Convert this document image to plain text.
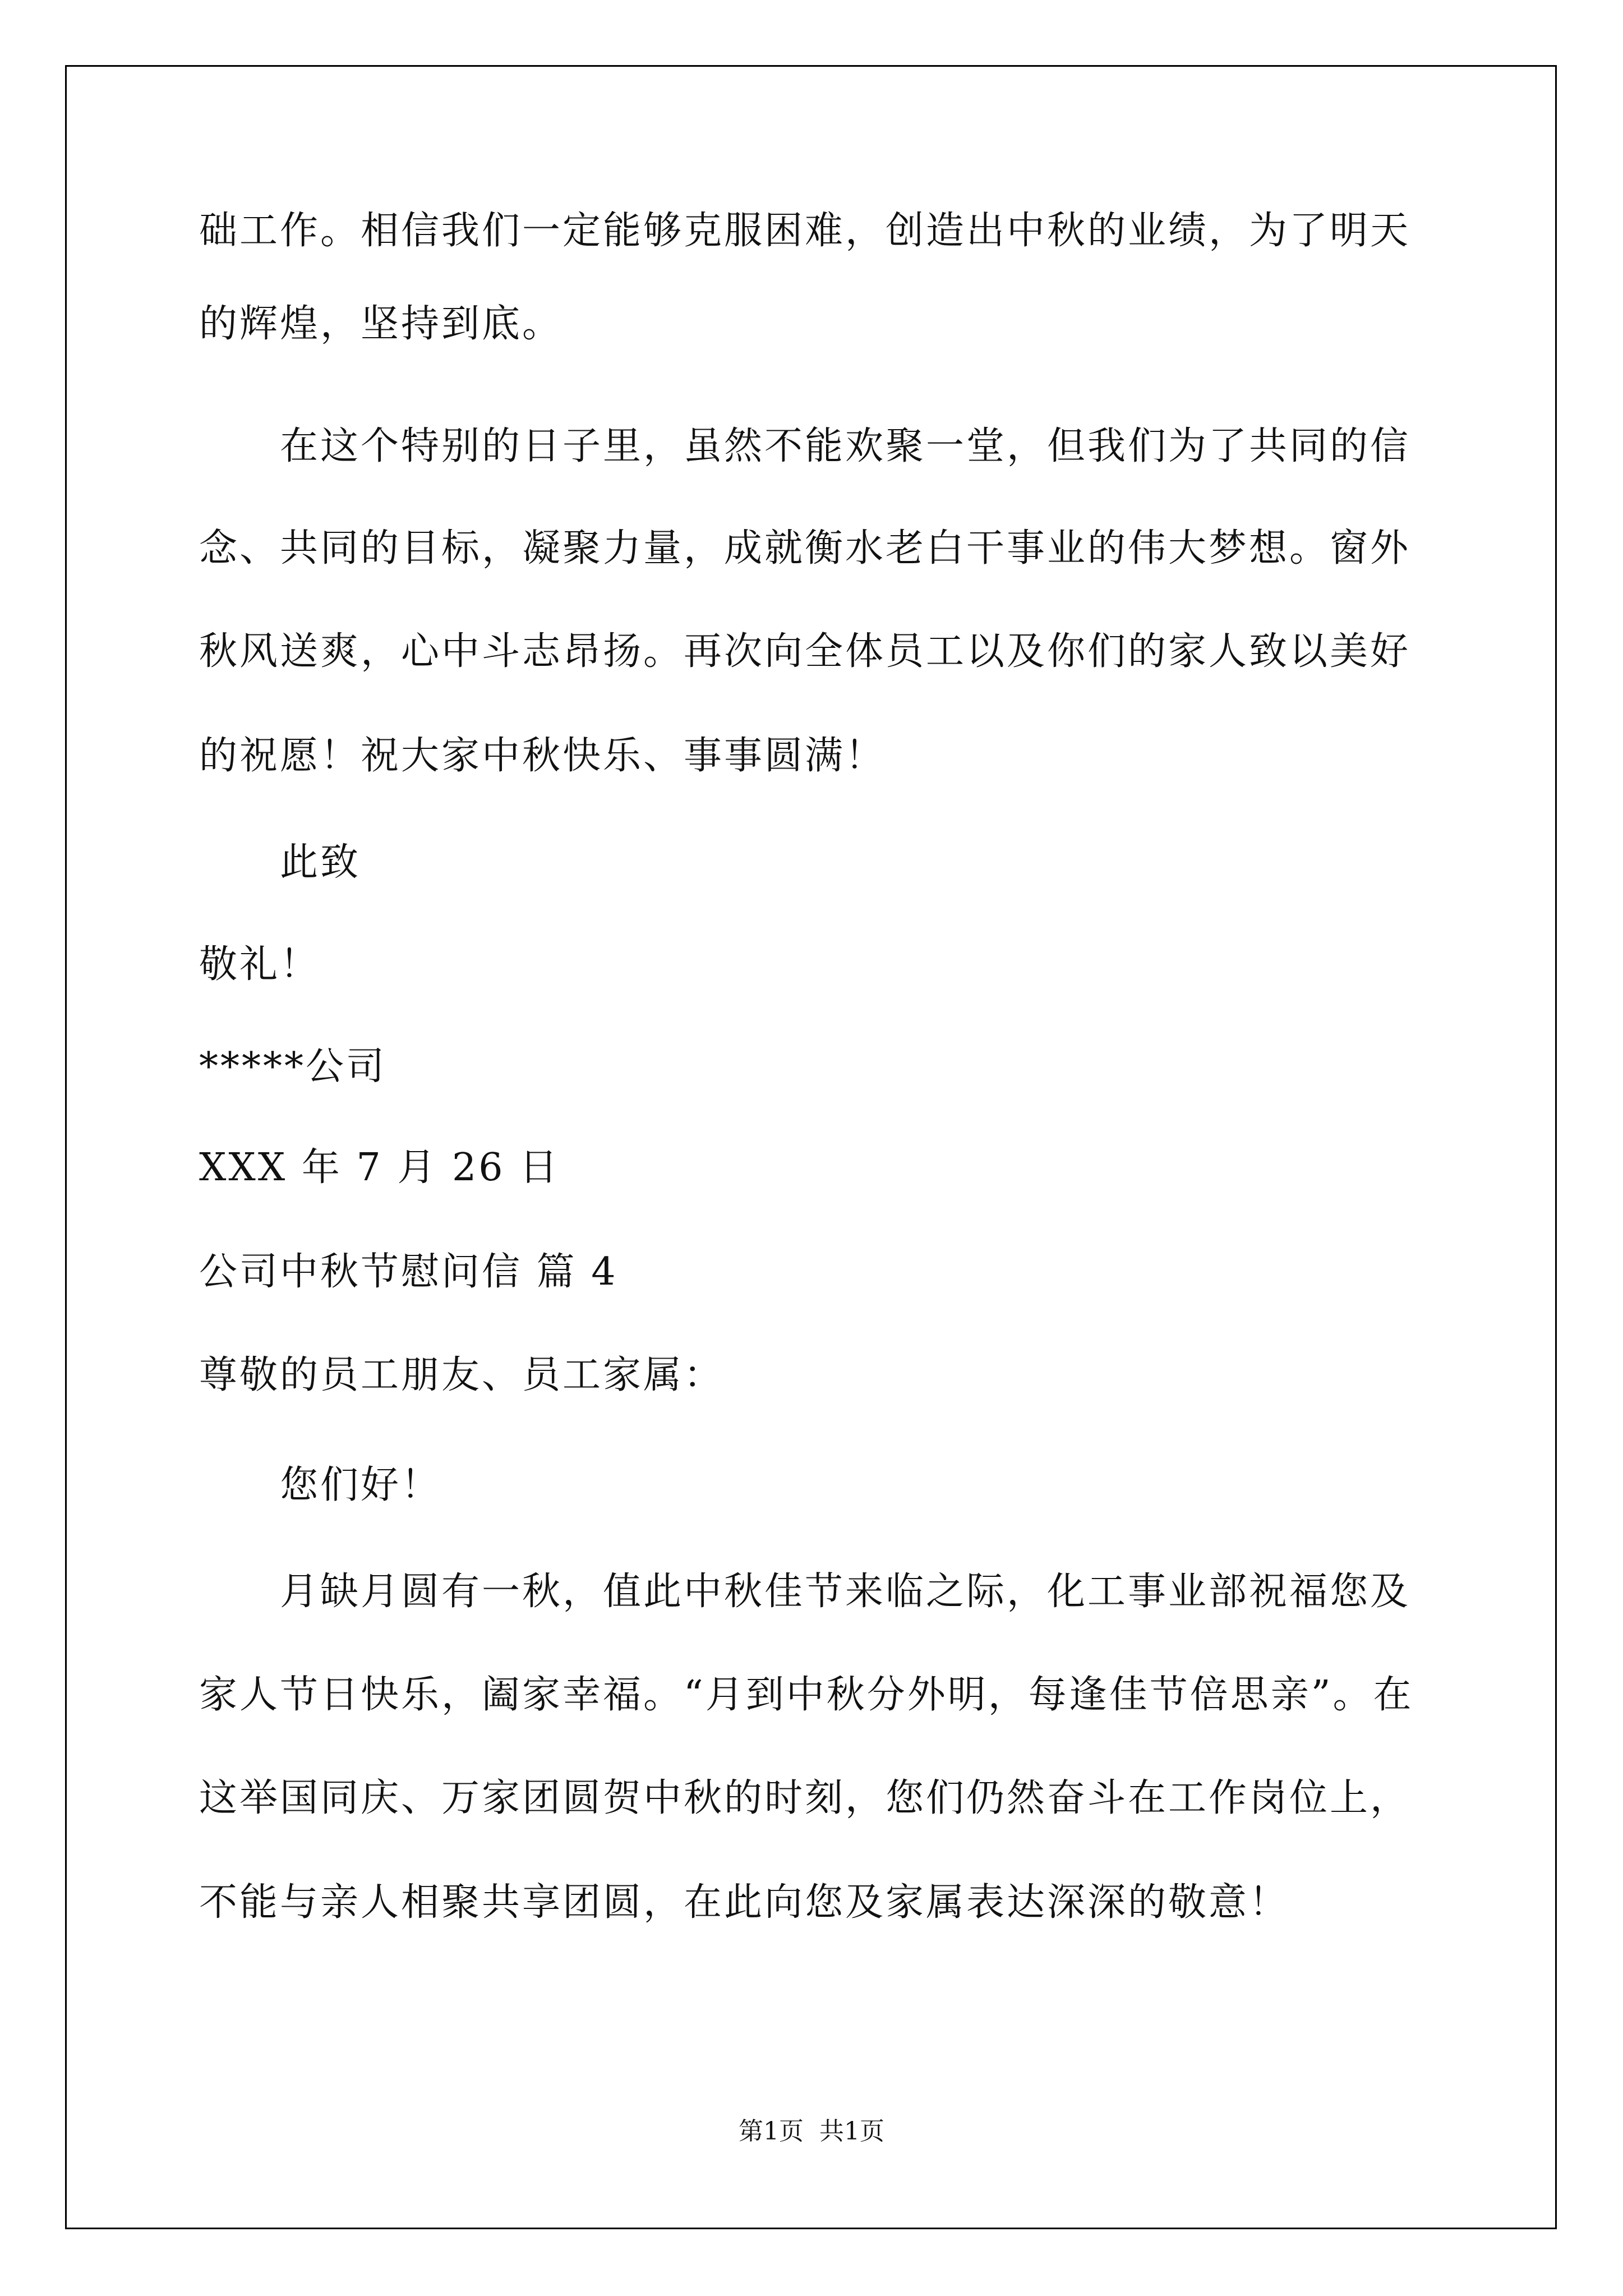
础工作。相信我们一定能够克服困难，创造出中秋的业绩，为了明天
的辉煌，坚持到底。
在这个特别的日子里，虽然不能欢聚一堂，但我们为了共同的信
念、共同的目标，凝聚力量，成就衡水老白干事业的伟大梦想。窗外
秋风送爽，心中斗志昂扬。再次向全体员工以及你们的家人致以美好
的祝愿！祝大家中秋快乐、事事圆满！
此致
敬礼！
*****公司
XXX 年 7 月 26 日
公司中秋节慰问信 篇 4
尊敬的员工朋友、员工家属：
您们好！
月缺月圆有一秋，值此中秋佳节来临之际，化工事业部祝福您及
家人节日快乐，阖家幸福。“月到中秋分外明，每逢佳节倍思亲”。在
这举国同庆、万家团圆贺中秋的时刻，您们仍然奋斗在工作岗位上，
不能与亲人相聚共享团圆，在此向您及家属表达深深的敬意！
第1页 共1页
